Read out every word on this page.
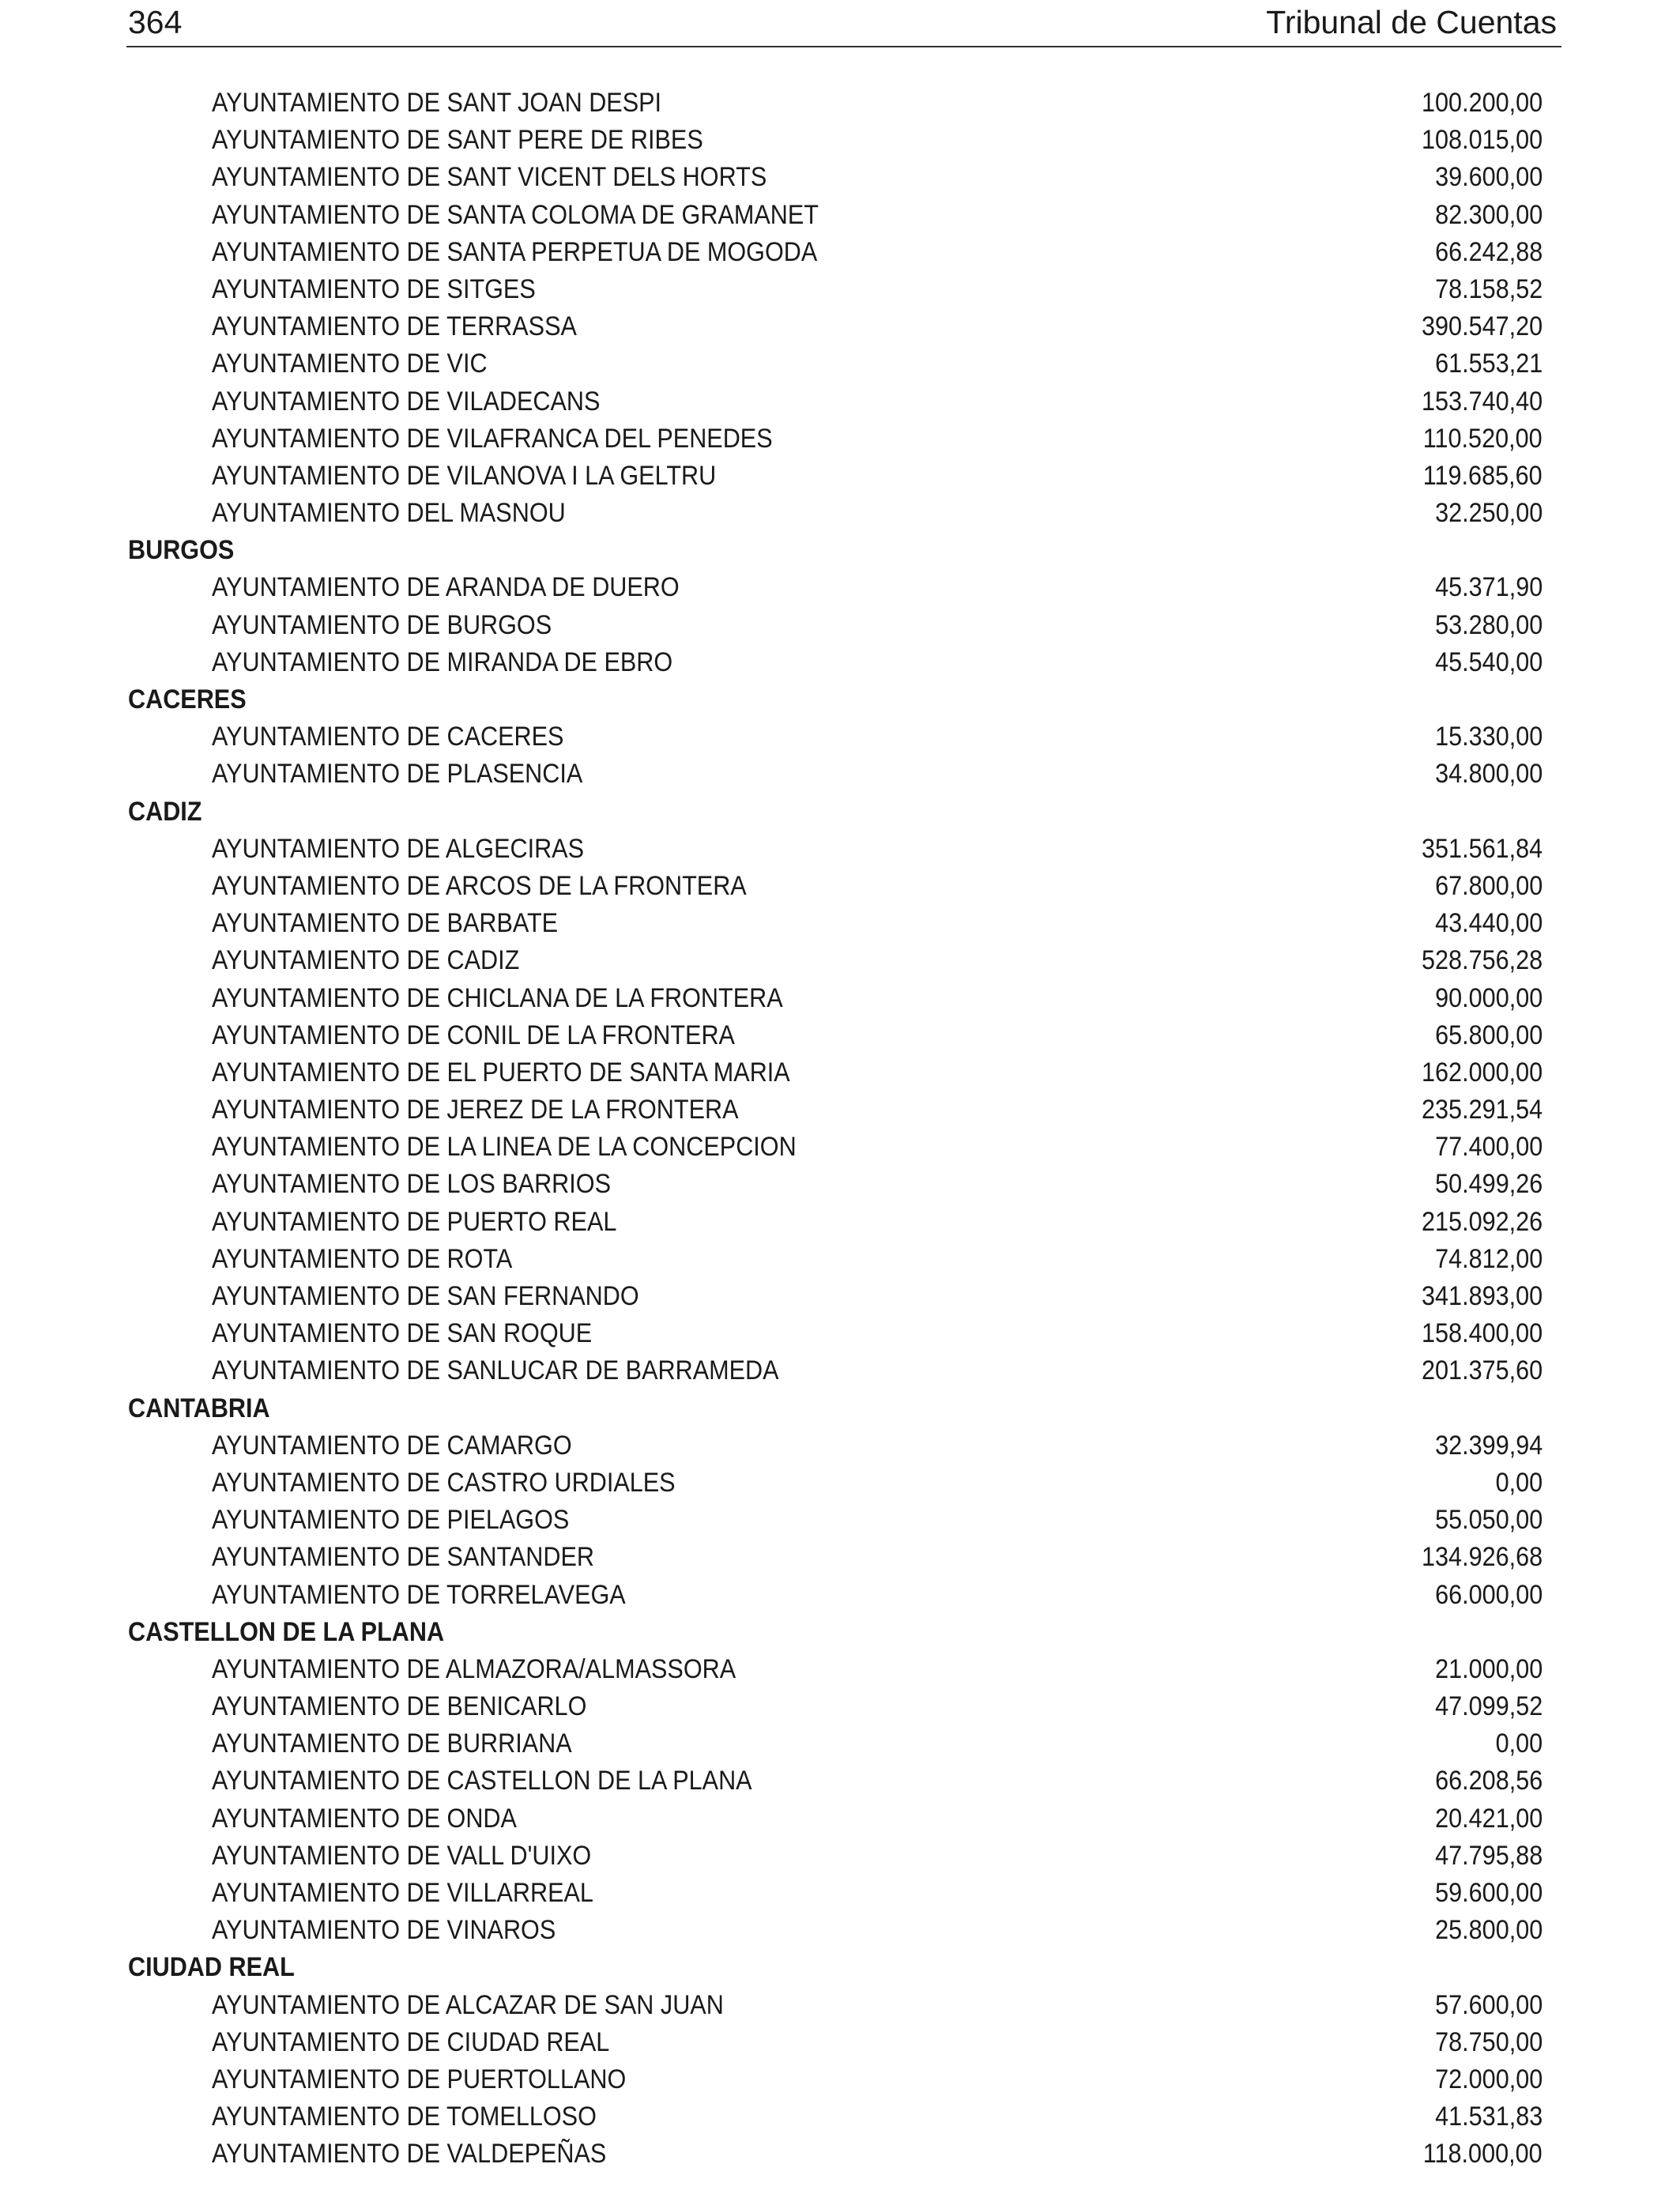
364	Tribunal de Cuentas
AYUNTAMIENTO DE SANT JOAN DESPI	100.200,00
AYUNTAMIENTO DE SANT PERE DE RIBES	108.015,00
AYUNTAMIENTO DE SANT VICENT DELS HORTS	39.600,00
AYUNTAMIENTO DE SANTA COLOMA DE GRAMANET	82.300,00
AYUNTAMIENTO DE SANTA PERPETUA DE MOGODA	66.242,88
AYUNTAMIENTO DE SITGES	78.158,52
AYUNTAMIENTO DE TERRASSA	390.547,20
AYUNTAMIENTO DE VIC	61.553,21
AYUNTAMIENTO DE VILADECANS	153.740,40
AYUNTAMIENTO DE VILAFRANCA DEL PENEDES	110.520,00
AYUNTAMIENTO DE VILANOVA I LA GELTRU	119.685,60
AYUNTAMIENTO DEL MASNOU	32.250,00
BURGOS
AYUNTAMIENTO DE ARANDA DE DUERO	45.371,90
AYUNTAMIENTO DE BURGOS	53.280,00
AYUNTAMIENTO DE MIRANDA DE EBRO	45.540,00
CACERES
AYUNTAMIENTO DE CACERES	15.330,00
AYUNTAMIENTO DE PLASENCIA	34.800,00
CADIZ
AYUNTAMIENTO DE ALGECIRAS	351.561,84
AYUNTAMIENTO DE ARCOS DE LA FRONTERA	67.800,00
AYUNTAMIENTO DE BARBATE	43.440,00
AYUNTAMIENTO DE CADIZ	528.756,28
AYUNTAMIENTO DE CHICLANA DE LA FRONTERA	90.000,00
AYUNTAMIENTO DE CONIL DE LA FRONTERA	65.800,00
AYUNTAMIENTO DE EL PUERTO DE SANTA MARIA	162.000,00
AYUNTAMIENTO DE JEREZ DE LA FRONTERA	235.291,54
AYUNTAMIENTO DE LA LINEA DE LA CONCEPCION	77.400,00
AYUNTAMIENTO DE LOS BARRIOS	50.499,26
AYUNTAMIENTO DE PUERTO REAL	215.092,26
AYUNTAMIENTO DE ROTA	74.812,00
AYUNTAMIENTO DE SAN FERNANDO	341.893,00
AYUNTAMIENTO DE SAN ROQUE	158.400,00
AYUNTAMIENTO DE SANLUCAR DE BARRAMEDA	201.375,60
CANTABRIA
AYUNTAMIENTO DE CAMARGO	32.399,94
AYUNTAMIENTO DE CASTRO URDIALES	0,00
AYUNTAMIENTO DE PIELAGOS	55.050,00
AYUNTAMIENTO DE SANTANDER	134.926,68
AYUNTAMIENTO DE TORRELAVEGA	66.000,00
CASTELLON DE LA PLANA
AYUNTAMIENTO DE ALMAZORA/ALMASSORA	21.000,00
AYUNTAMIENTO DE BENICARLO	47.099,52
AYUNTAMIENTO DE BURRIANA	0,00
AYUNTAMIENTO DE CASTELLON DE LA PLANA	66.208,56
AYUNTAMIENTO DE ONDA	20.421,00
AYUNTAMIENTO DE VALL D'UIXO	47.795,88
AYUNTAMIENTO DE VILLARREAL	59.600,00
AYUNTAMIENTO DE VINAROS	25.800,00
CIUDAD REAL
AYUNTAMIENTO DE ALCAZAR DE SAN JUAN	57.600,00
AYUNTAMIENTO DE CIUDAD REAL	78.750,00
AYUNTAMIENTO DE PUERTOLLANO	72.000,00
AYUNTAMIENTO DE TOMELLOSO	41.531,83
AYUNTAMIENTO DE VALDEPEÑAS	118.000,00
